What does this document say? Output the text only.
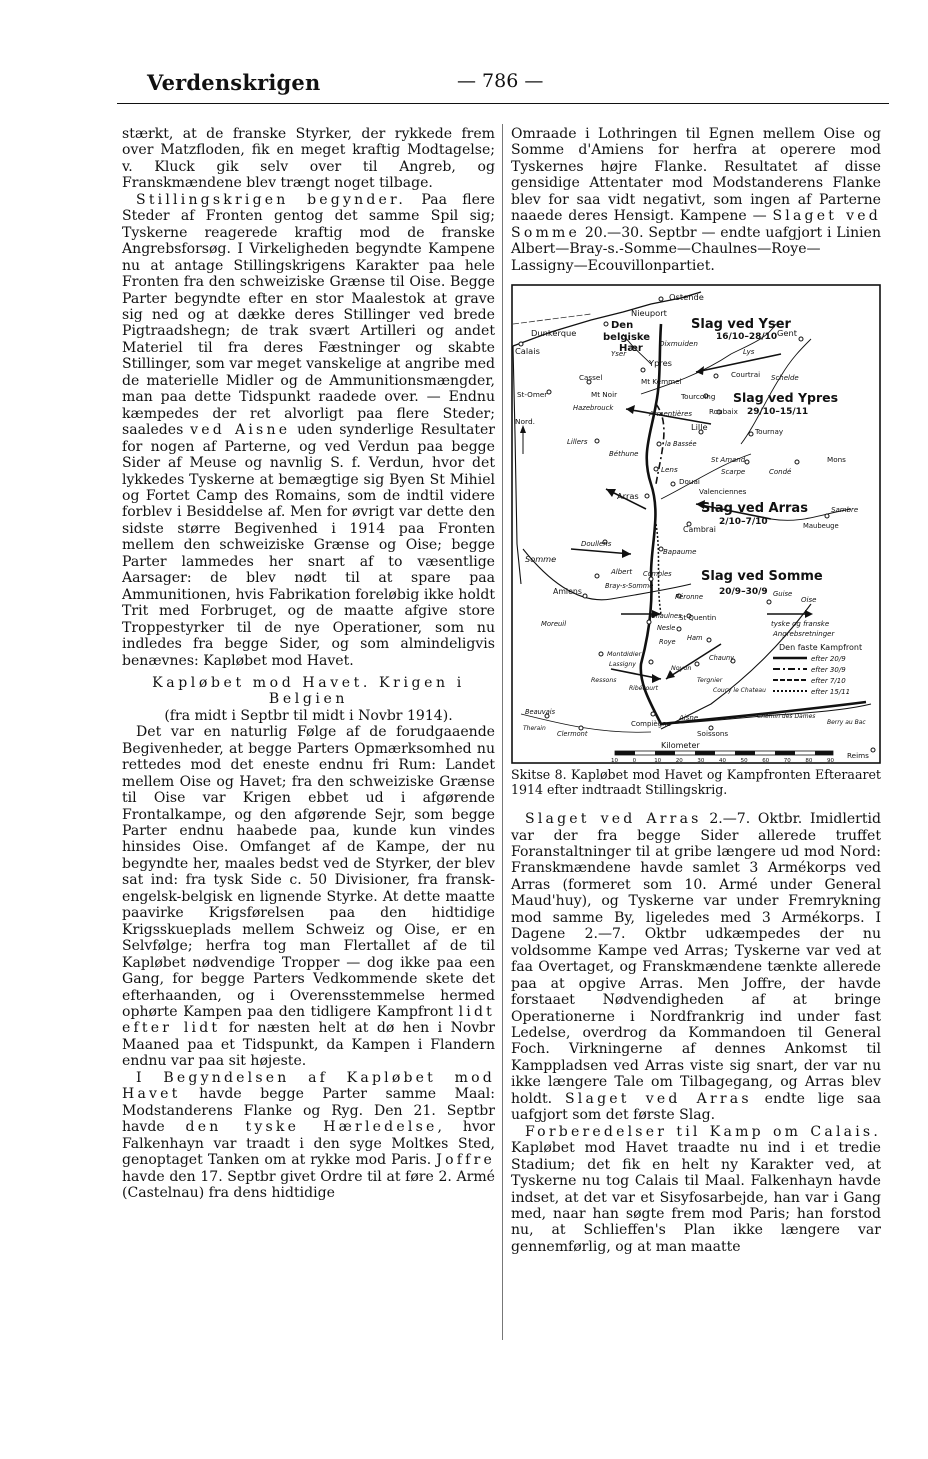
Verdenskrigen	— 786 —

stærkt, at de franske Styrker, der rykkede frem over Matzfloden, fik en meget kraftig Modtagelse; v. Kluck gik selv over til Angreb, og Franskmændene blev trængt noget tilbage.

Stillingskrigen begynder. Paa flere Steder af Fronten gentog det samme Spil sig; Tyskerne reagerede kraftig mod de franske Angrebsforsøg. I Virkeligheden begyndte Kampene nu at antage Stillingskrigens Karakter paa hele Fronten fra den schweiziske Grænse til Oise. Begge Parter begyndte efter en stor Maalestok at grave sig ned og at dække deres Stillinger ved brede Pigtraadshegn; de trak svært Artilleri og andet Materiel til fra deres Fæstninger og skabte Stillinger, som var meget vanskelige at angribe med de materielle Midler og de Ammunitionsmængder, man paa dette Tidspunkt raadede over. — Endnu kæmpedes der ret alvorligt paa flere Steder; saaledes ved Aisne uden synderlige Resultater for nogen af Parterne, og ved Verdun paa begge Sider af Meuse og navnlig S. f. Verdun, hvor det lykkedes Tyskerne at bemægtige sig Byen St Mihiel og Fortet Camp des Romains, som de indtil videre forblev i Besiddelse af. Men for øvrigt var dette den sidste større Begivenhed i 1914 paa Fronten mellem den schweiziske Grænse og Oise; begge Parter lammedes her snart af to væsentlige Aarsager: de blev nødt til at spare paa Ammunitionen, hvis Fabrikation foreløbig ikke holdt Trit med Forbruget, og de maatte afgive store Troppestyrker til de nye Operationer, som nu indledes fra begge Sider, og som almindeligvis benævnes: Kapløbet mod Havet.

Kapløbet mod Havet. Krigen i
Belgien
(fra midt i Septbr til midt i Novbr 1914).

Det var en naturlig Følge af de forudgaaende Begivenheder, at begge Parters Opmærksomhed nu rettedes mod det eneste endnu fri Rum: Landet mellem Oise og Havet; fra den schweiziske Grænse til Oise var Krigen ebbet ud i afgørende Frontalkampe, og den afgørende Sejr, som begge Parter endnu haabede paa, kunde kun vindes hinsides Oise. Omfanget af de Kampe, der nu begyndte her, maales bedst ved de Styrker, der blev sat ind: fra tysk Side c. 50 Divisioner, fra fransk-engelsk-belgisk en lignende Styrke. At dette maatte paavirke Krigsførelsen paa den hidtidige Krigsskueplads mellem Schweiz og Oise, er en Selvfølge; herfra tog man Flertallet af de til Kapløbet nødvendige Tropper — dog ikke paa een Gang, for begge Parters Vedkommende skete det efterhaanden, og i Overensstemmelse hermed ophørte Kampen paa den tidligere Kampfront lidt efter lidt for næsten helt at dø hen i Novbr Maaned paa et Tidspunkt, da Kampen i Flandern endnu var paa sit højeste.

I Begyndelsen af Kapløbet mod Havet havde begge Parter samme Maal: Modstanderens Flanke og Ryg. Den 21. Septbr havde den tyske Hærledelse, hvor Falkenhayn var traadt i den syge Moltkes Sted, genoptaget Tanken om at rykke mod Paris. Joffre havde den 17. Septbr givet Ordre til at føre 2. Armé (Castelnau) fra dens hidtidige

Omraade i Lothringen til Egnen mellem Oise og Somme d'Amiens for herfra at operere mod Tyskernes højre Flanke. Resultatet af disse gensidige Attentater mod Modstanderens Flanke blev for saa vidt negativt, som ingen af Parterne naaede deres Hensigt. Kampene — Slaget ved Somme 20.—30. Septbr — endte uafgjort i Linien Albert—Bray-s.-Somme—Chaulnes—Roye—Lassigny—Ecouvillonpartiet.

Nieuport
Ostende
Dunkerque
Dixmuiden
Gent
Calais
Ypres
Cassel	Mt Kemmel
St-Omer	Mt Noir
Hazebrouck
Courtrai
Tourcoing
Armentières Roubaix
Lille	Tournay
Lillers	la Bassée
Béthune
Lens
Douai
St Amand
Condé
Valenciennes
Mons
Arras
Maubeuge
Cambrai
Doullens
Bapaume
Albert Combles
Bray-s-Somme
Amiens
Péronne	Guise
Moreuil
Chaulnes
St Quentin
Nesle
Roye Ham
Montdidier
Lassigny	Noyon
Chauny
Tergnier
Coucy le Chateau
Ressons
Ribécourt
Beauvais
Clermont
Compiègne
Soissons
Berry au Bac
Reims
Nord.
Yser	Lys
Schelde
Scarpe
Sambre
Somme
Oise
Aisne	Chemin des Dames
Therain
Den
belgiske
Hær
Slag ved Yser
16/10–28/10
Slag ved Ypres
29/10–15/11
Slag ved Arras
2/10–7/10
Slag ved Somme
20/9–30/9
tyske og franske
Angrebsretninger
Den faste Kampfront
efter 20/9
efter 30/9
efter 7/10
efter 15/11
Kilometer
10	0	10	20	30	40	50	60	70	80	90

Skitse 8. Kapløbet mod Havet og Kampfronten Efteraaret 1914 efter indtraadt Stillingskrig.

Slaget ved Arras 2.—7. Oktbr. Imidlertid var der fra begge Sider allerede truffet Foranstaltninger til at gribe længere ud mod Nord: Franskmændene havde samlet 3 Armékorps ved Arras (formeret som 10. Armé under General Maud'huy), og Tyskerne var under Fremrykning mod samme By, ligeledes med 3 Armékorps. I Dagene 2.—7. Oktbr udkæmpedes der nu voldsomme Kampe ved Arras; Tyskerne var ved at faa Overtaget, og Franskmændene tænkte allerede paa at opgive Arras. Men Joffre, der havde forstaaet Nødvendigheden af at bringe Operationerne i Nordfrankrig ind under fast Ledelse, overdrog da Kommandoen til General Foch. Virkningerne af dennes Ankomst til Kamppladsen ved Arras viste sig snart, der var nu ikke længere Tale om Tilbagegang, og Arras blev holdt. Slaget ved Arras endte lige saa uafgjort som det første Slag.

Forberedelser til Kamp om Calais. Kapløbet mod Havet traadte nu ind i et tredie Stadium; det fik en helt ny Karakter ved, at Tyskerne nu tog Calais til Maal. Falkenhayn havde indset, at det var et Sisyfosarbejde, han var i Gang med, naar han søgte frem mod Paris; han forstod nu, at Schlieffen's Plan ikke længere var gennemførlig, og at man maatte
